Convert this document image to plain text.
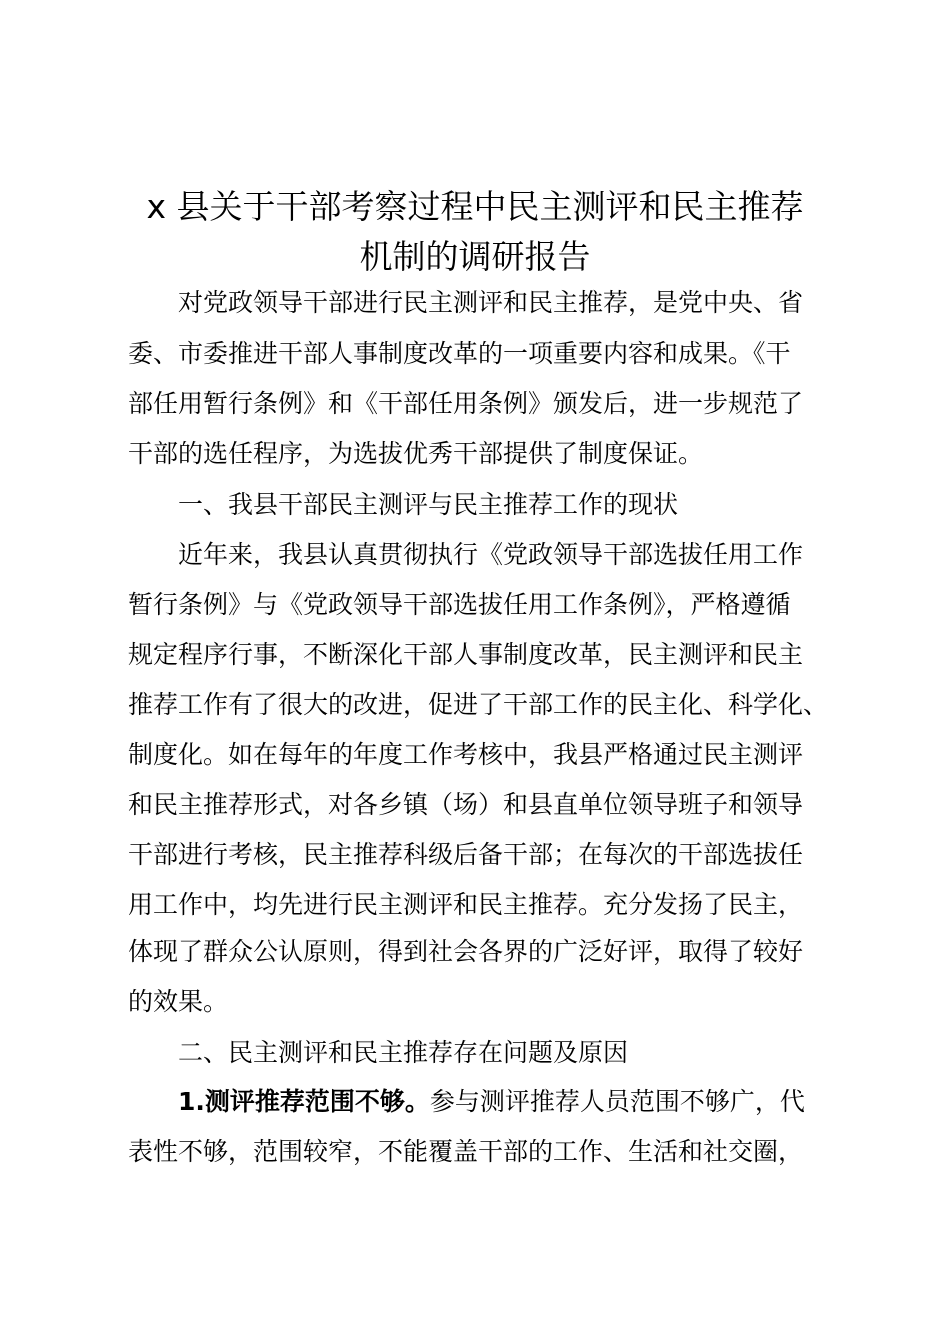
x 县关于干部考察过程中民主测评和民主推荐
机制的调研报告

对党政领导干部进行民主测评和民主推荐，是党中央、省

委、市委推进干部人事制度改革的一项重要内容和成果。《干

部任用暂行条例》和《干部任用条例》颁发后，进一步规范了

干部的选任程序，为选拔优秀干部提供了制度保证。

一、我县干部民主测评与民主推荐工作的现状

近年来，我县认真贯彻执行《党政领导干部选拔任用工作

暂行条例》与《党政领导干部选拔任用工作条例》，严格遵循

规定程序行事，不断深化干部人事制度改革，民主测评和民主

推荐工作有了很大的改进，促进了干部工作的民主化、科学化、

制度化。如在每年的年度工作考核中，我县严格通过民主测评

和民主推荐形式，对各乡镇（场）和县直单位领导班子和领导

干部进行考核，民主推荐科级后备干部；在每次的干部选拔任

用工作中，均先进行民主测评和民主推荐。充分发扬了民主，

体现了群众公认原则，得到社会各界的广泛好评，取得了较好

的效果。

二、民主测评和民主推荐存在问题及原因

1.测评推荐范围不够。参与测评推荐人员范围不够广，代

表性不够，范围较窄，不能覆盖干部的工作、生活和社交圈，
